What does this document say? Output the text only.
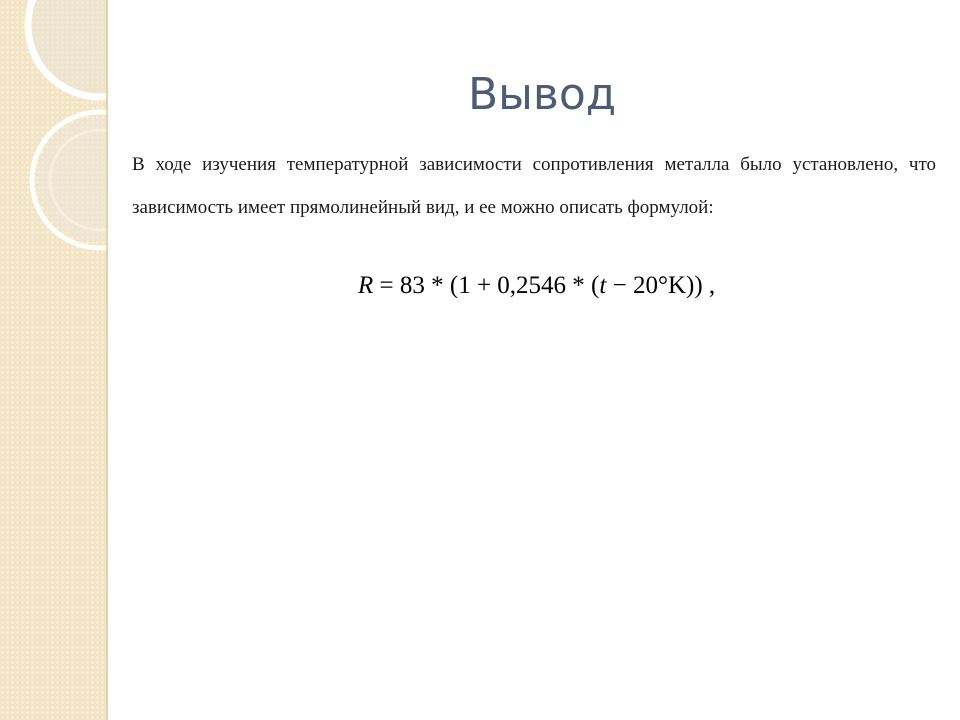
Вывод

В ходе изучения температурной зависимости сопротивления металла было установлено, что зависимость имеет прямолинейный вид, и ее можно описать формулой:

R = 83 * (1 + 0,2546 * (t − 20°K)) ,
